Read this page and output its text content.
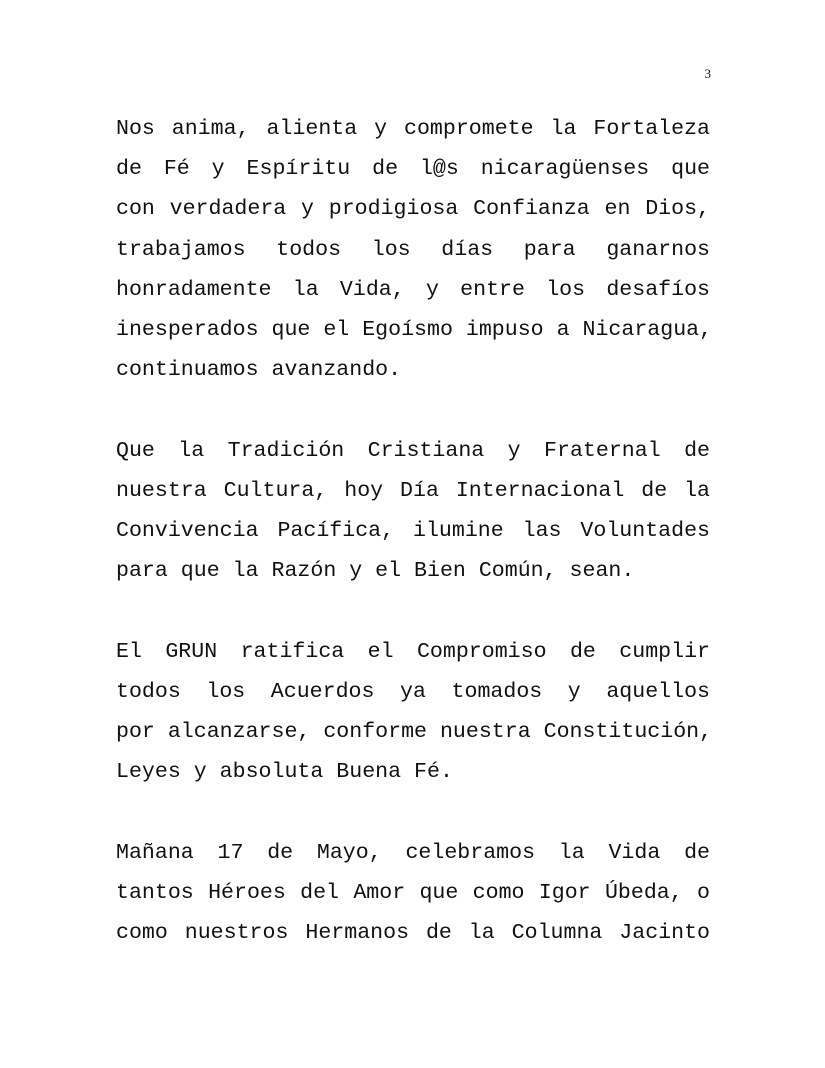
3

Nos anima, alienta y compromete la Fortaleza
de Fé y Espíritu de l@s nicaragüenses que
con verdadera y prodigiosa Confianza en Dios,
trabajamos todos los días para ganarnos
honradamente la Vida, y entre los desafíos
inesperados que el Egoísmo impuso a Nicaragua,
continuamos avanzando.

Que la Tradición Cristiana y Fraternal de
nuestra Cultura, hoy Día Internacional de la
Convivencia Pacífica, ilumine las Voluntades
para que la Razón y el Bien Común, sean.

El GRUN ratifica el Compromiso de cumplir
todos los Acuerdos ya tomados y aquellos
por alcanzarse, conforme nuestra Constitución,
Leyes y absoluta Buena Fé.

Mañana 17 de Mayo, celebramos la Vida de
tantos Héroes del Amor que como Igor Úbeda, o
como nuestros Hermanos de la Columna Jacinto
